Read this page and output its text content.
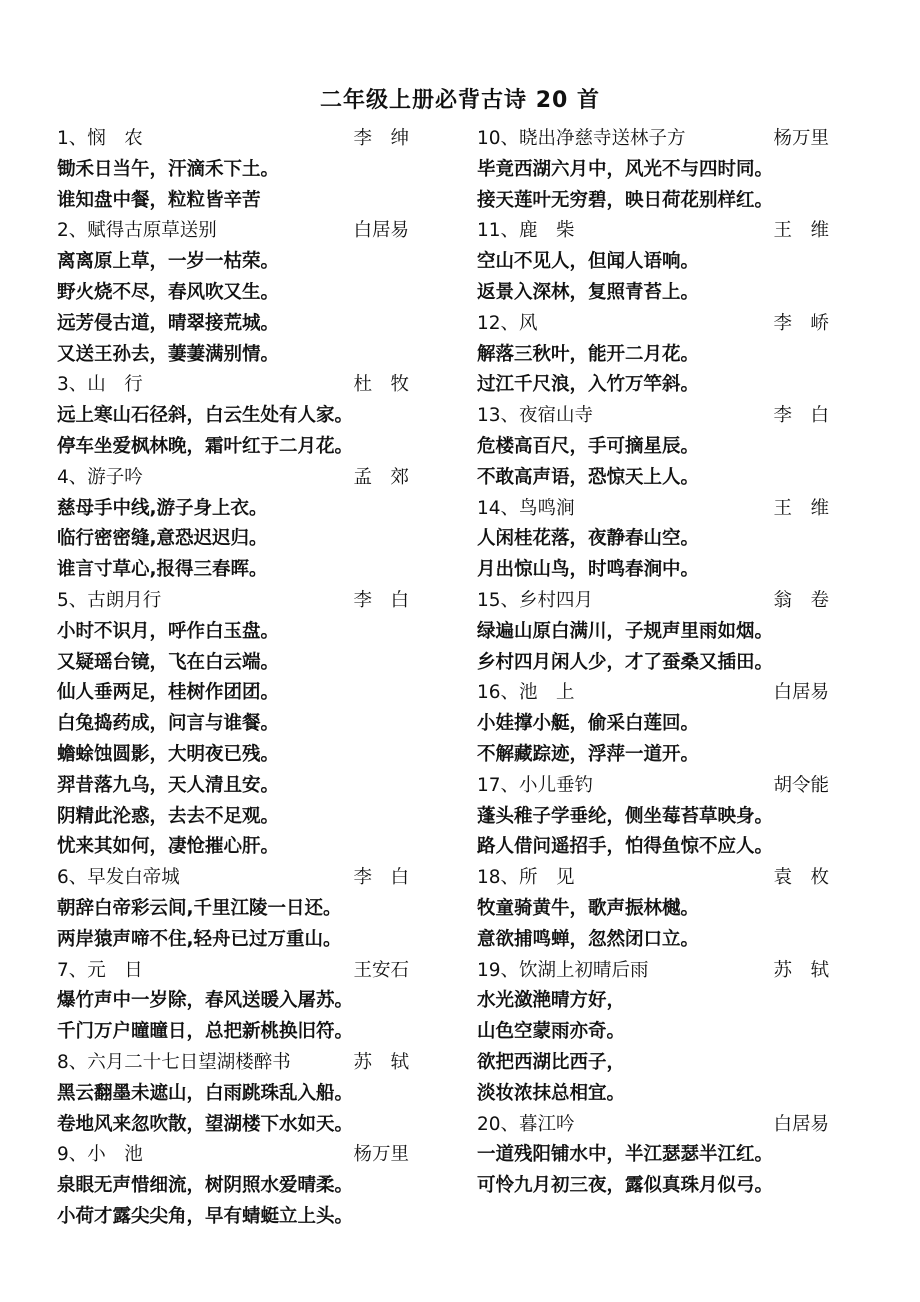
二年级上册必背古诗 20 首
1、悯　农	李　绅
锄禾日当午，汗滴禾下土。
谁知盘中餐，粒粒皆辛苦
2、赋得古原草送别	白居易
离离原上草，一岁一枯荣。
野火烧不尽，春风吹又生。
远芳侵古道，晴翠接荒城。
又送王孙去，萋萋满别情。
3、山　行	杜　牧
远上寒山石径斜，白云生处有人家。
停车坐爱枫林晚，霜叶红于二月花。
4、游子吟	孟　郊
慈母手中线,游子身上衣。
临行密密缝,意恐迟迟归。
谁言寸草心,报得三春晖。
5、古朗月行	李　白
小时不识月，呼作白玉盘。
又疑瑶台镜，飞在白云端。
仙人垂两足，桂树作团团。
白兔捣药成，问言与谁餐。
蟾蜍蚀圆影，大明夜已残。
羿昔落九乌，天人清且安。
阴精此沦惑，去去不足观。
忧来其如何，凄怆摧心肝。
6、早发白帝城	李　白
朝辞白帝彩云间,千里江陵一日还。
两岸猿声啼不住,轻舟已过万重山。
7、元　日	王安石
爆竹声中一岁除，春风送暖入屠苏。
千门万户曈曈日，总把新桃换旧符。
8、六月二十七日望湖楼醉书	苏　轼
黑云翻墨未遮山，白雨跳珠乱入船。
卷地风来忽吹散，望湖楼下水如天。
9、小　池	杨万里
泉眼无声惜细流，树阴照水爱晴柔。
小荷才露尖尖角，早有蜻蜓立上头。
10、晓出净慈寺送林子方	杨万里
毕竟西湖六月中，风光不与四时同。
接天莲叶无穷碧，映日荷花别样红。
11、鹿　柴	王　维
空山不见人，但闻人语响。
返景入深林，复照青苔上。
12、风	李　峤
解落三秋叶，能开二月花。
过江千尺浪，入竹万竿斜。
13、夜宿山寺	李　白
危楼高百尺，手可摘星辰。
不敢高声语，恐惊天上人。
14、鸟鸣涧	王　维
人闲桂花落，夜静春山空。
月出惊山鸟，时鸣春涧中。
15、乡村四月	翁　卷
绿遍山原白满川，子规声里雨如烟。
乡村四月闲人少，才了蚕桑又插田。
16、池　上	白居易
小娃撑小艇，偷采白莲回。
不解藏踪迹，浮萍一道开。
17、小儿垂钓	胡令能
蓬头稚子学垂纶，侧坐莓苔草映身。
路人借问遥招手，怕得鱼惊不应人。
18、所　见	袁　枚
牧童骑黄牛，歌声振林樾。
意欲捕鸣蝉，忽然闭口立。
19、饮湖上初晴后雨	苏　轼
水光潋滟晴方好，
山色空蒙雨亦奇。
欲把西湖比西子，
淡妆浓抹总相宜。
20、暮江吟	白居易
一道残阳铺水中，半江瑟瑟半江红。
可怜九月初三夜，露似真珠月似弓。
